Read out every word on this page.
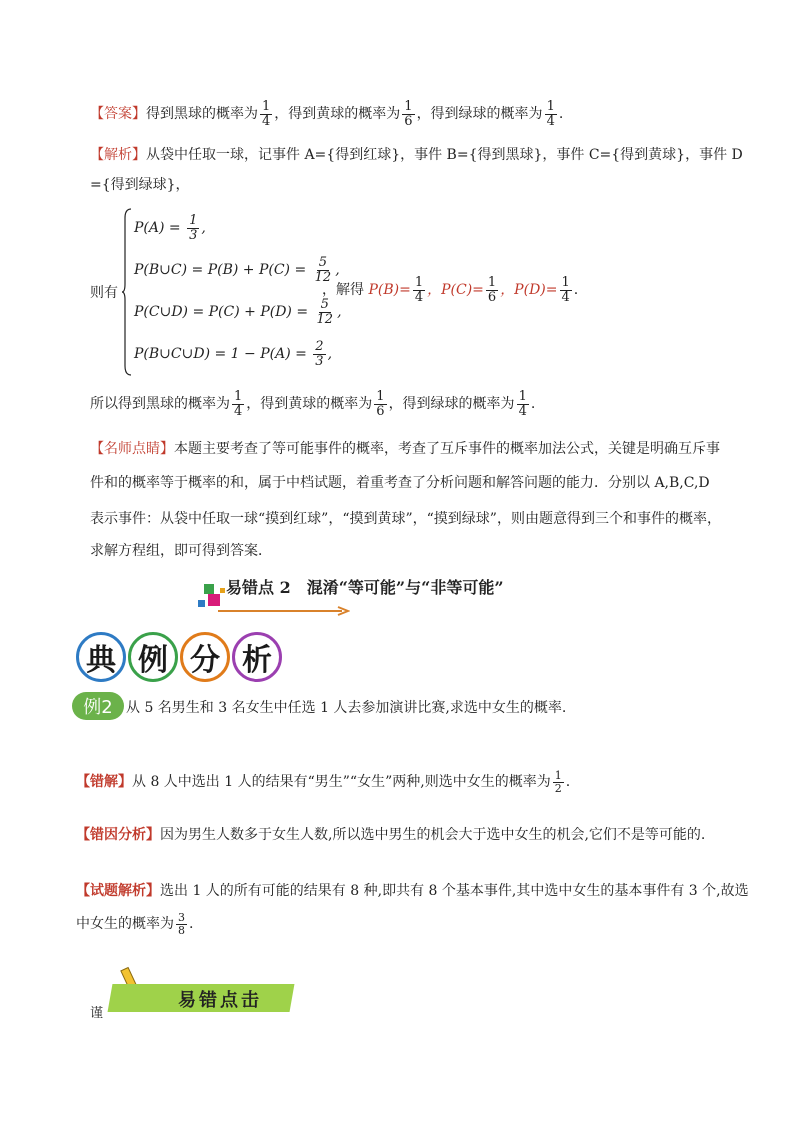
【答案】得到黑球的概率为 $\frac{1}{4}$ ，得到黄球的概率为 $\frac{1}{6}$ ，得到绿球的概率为 $\frac{1}{4}$ .
【解析】从袋中任取一球，记事件 A={得到红球}，事件 B={得到黑球}，事件 C={得到黄球}，事件 D
={得到绿球}，
则有
$P(A) = \frac{1}{3}$ ,
P(B∪C) = $P(B) + P(C) = \frac{5}{12}$ ,
P(C∪D) = $P(C) + P(D) = \frac{5}{12}$ ,
P(B∪C∪D) = $1 - P(A) = \frac{2}{3}$ ,
，解得 $P(B)= \frac{1}{4}$ ，$P(C)= \frac{1}{6}$ ，$P(D)= \frac{1}{4}$ .
所以得到黑球的概率为 $\frac{1}{4}$ ，得到黄球的概率为 $\frac{1}{6}$ ，得到绿球的概率为 $\frac{1}{4}$ .
【名师点睛】本题主要考查了等可能事件的概率，考查了互斥事件的概率加法公式，关键是明确互斥事
件和的概率等于概率的和，属于中档试题，着重考查了分析问题和解答问题的能力．分别以 A,B,C,D
表示事件：从袋中任取一球“摸到红球”，“摸到黄球”，“摸到绿球”，则由题意得到三个和事件的概率，
求解方程组，即可得到答案．
易错点 2　混淆“等可能”与“非等可能”
典 例 分 析
例2 从 5 名男生和 3 名女生中任选 1 人去参加演讲比赛,求选中女生的概率.
【错解】从 8 人中选出 1 人的结果有“男生”“女生”两种,则选中女生的概率为 $\frac{1}{2}$ .
【错因分析】因为男生人数多于女生人数,所以选中男生的机会大于选中女生的机会,它们不是等可能的.
【试题解析】选出 1 人的所有可能的结果有 8 种,即共有 8 个基本事件,其中选中女生的基本事件有 3 个,故选
中女生的概率为 $\frac{3}{8}$ .
易错点击
谨
